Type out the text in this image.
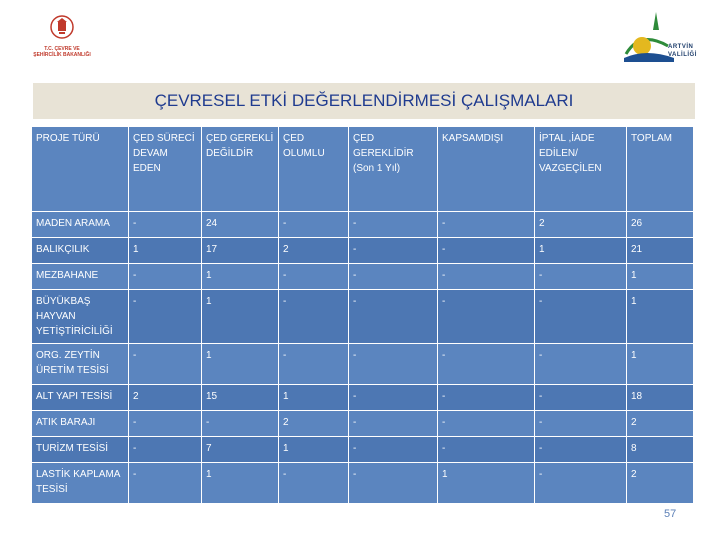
T.C. ÇEVRE VE
ŞEHİRCİLİK BAKANLIĞI
ARTVİN
VALİLİĞİ
ÇEVRESEL ETKİ DEĞERLENDİRMESİ ÇALIŞMALARI
PROJE TÜRÜ	ÇED SÜRECİ DEVAM EDEN	ÇED GEREKLİ DEĞİLDİR	ÇED OLUMLU	ÇED GEREKLİDİR (Son 1 Yıl)	KAPSAMDIŞI	İPTAL ,İADE EDİLEN/ VAZGEÇİLEN	TOPLAM
MADEN ARAMA	-	24	-	-	-	2	26
BALIKÇILIK	1	17	2	-	-	1	21
MEZBAHANE	-	1	-	-	-	-	1
BÜYÜKBAŞ HAYVAN YETİŞTİRİCİLİĞİ	-	1	-	-	-	-	1
ORG. ZEYTİN ÜRETİM TESİSİ	-	1	-	-	-	-	1
ALT YAPI TESİSİ	2	15	1	-	-	-	18
ATIK BARAJI	-	-	2	-	-	-	2
TURİZM TESİSİ	-	7	1	-	-	-	8
LASTİK KAPLAMA TESİSİ	-	1	-	-	1	-	2
57
